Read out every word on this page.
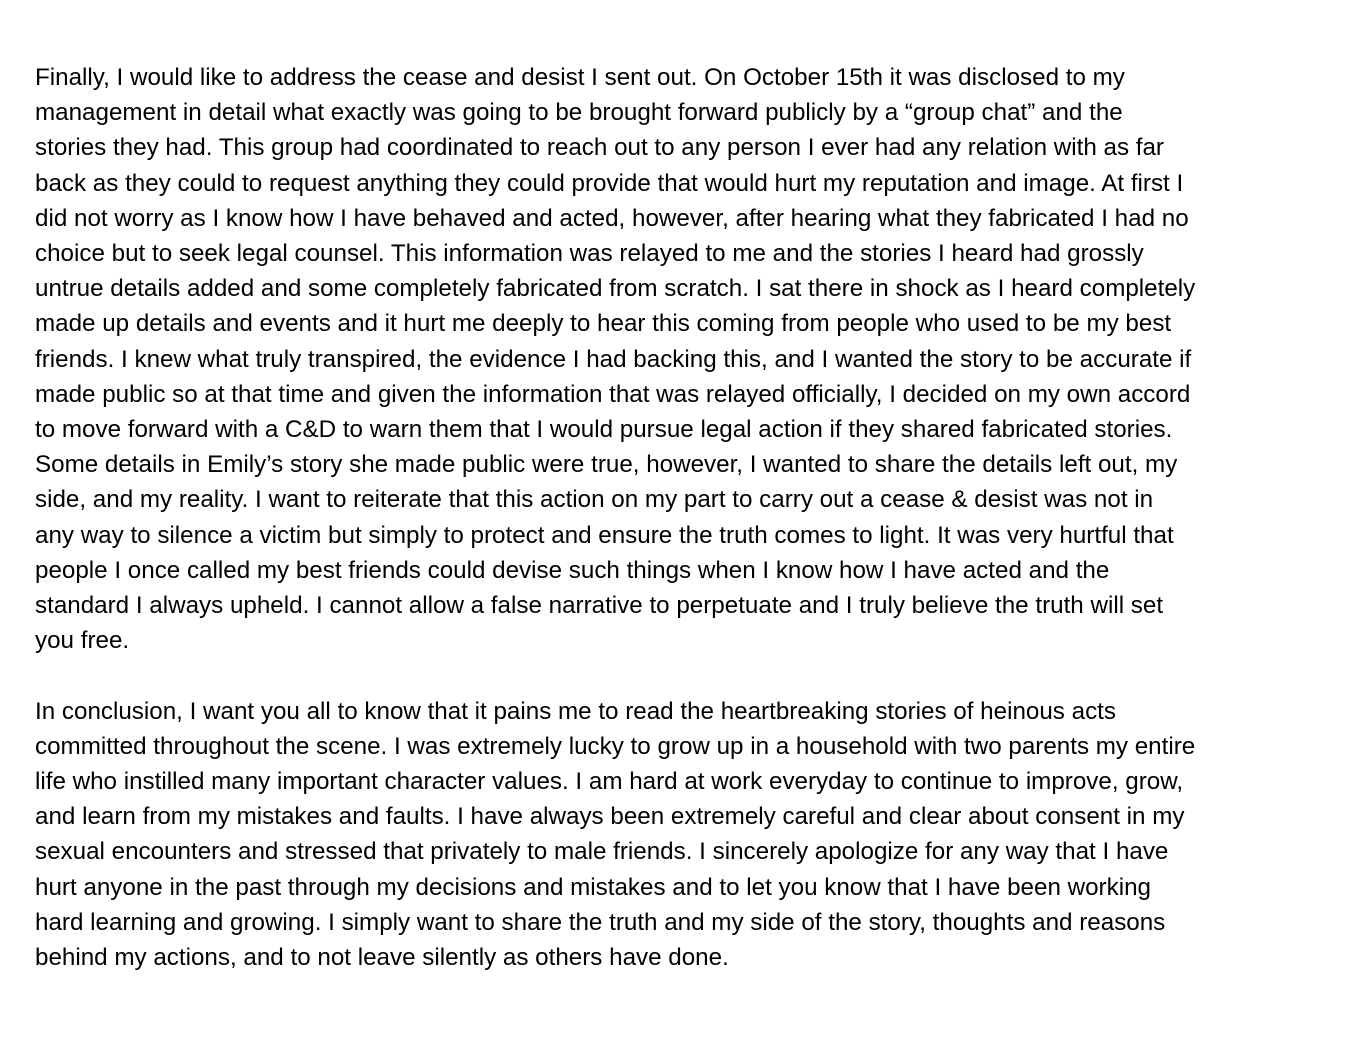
Finally, I would like to address the cease and desist I sent out. On October 15th it was disclosed to my
management in detail what exactly was going to be brought forward publicly by a “group chat” and the
stories they had. This group had coordinated to reach out to any person I ever had any relation with as far
back as they could to request anything they could provide that would hurt my reputation and image. At first I
did not worry as I know how I have behaved and acted, however, after hearing what they fabricated I had no
choice but to seek legal counsel. This information was relayed to me and the stories I heard had grossly
untrue details added and some completely fabricated from scratch. I sat there in shock as I heard completely
made up details and events and it hurt me deeply to hear this coming from people who used to be my best
friends. I knew what truly transpired, the evidence I had backing this, and I wanted the story to be accurate if
made public so at that time and given the information that was relayed officially, I decided on my own accord
to move forward with a C&D to warn them that I would pursue legal action if they shared fabricated stories.
Some details in Emily’s story she made public were true, however, I wanted to share the details left out, my
side, and my reality. I want to reiterate that this action on my part to carry out a cease & desist was not in
any way to silence a victim but simply to protect and ensure the truth comes to light. It was very hurtful that
people I once called my best friends could devise such things when I know how I have acted and the
standard I always upheld. I cannot allow a false narrative to perpetuate and I truly believe the truth will set
you free.

In conclusion, I want you all to know that it pains me to read the heartbreaking stories of heinous acts
committed throughout the scene. I was extremely lucky to grow up in a household with two parents my entire
life who instilled many important character values. I am hard at work everyday to continue to improve, grow,
and learn from my mistakes and faults. I have always been extremely careful and clear about consent in my
sexual encounters and stressed that privately to male friends. I sincerely apologize for any way that I have
hurt anyone in the past through my decisions and mistakes and to let you know that I have been working
hard learning and growing. I simply want to share the truth and my side of the story, thoughts and reasons
behind my actions, and to not leave silently as others have done.
